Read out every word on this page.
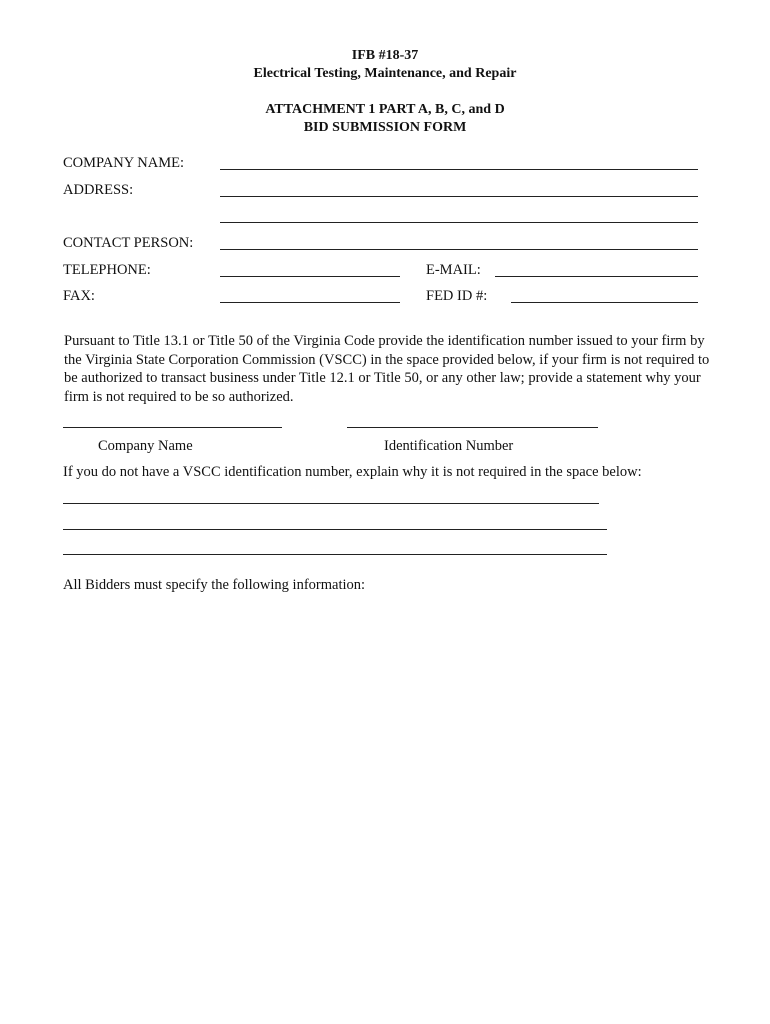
IFB #18-37
Electrical Testing, Maintenance, and Repair
ATTACHMENT 1 PART A, B, C, and D
BID SUBMISSION FORM
COMPANY NAME:
ADDRESS:
CONTACT PERSON:
TELEPHONE:	E-MAIL:
FAX:	FED ID #:
Pursuant to Title 13.1 or Title 50 of the Virginia Code provide the identification number issued to your firm by the Virginia State Corporation Commission (VSCC) in the space provided below, if your firm is not required to be authorized to transact business under Title 12.1 or Title 50, or any other law; provide a statement why your firm is not required to be so authorized.
Company Name	Identification Number
If you do not have a VSCC identification number, explain why it is not required in the space below:
All Bidders must specify the following information:
